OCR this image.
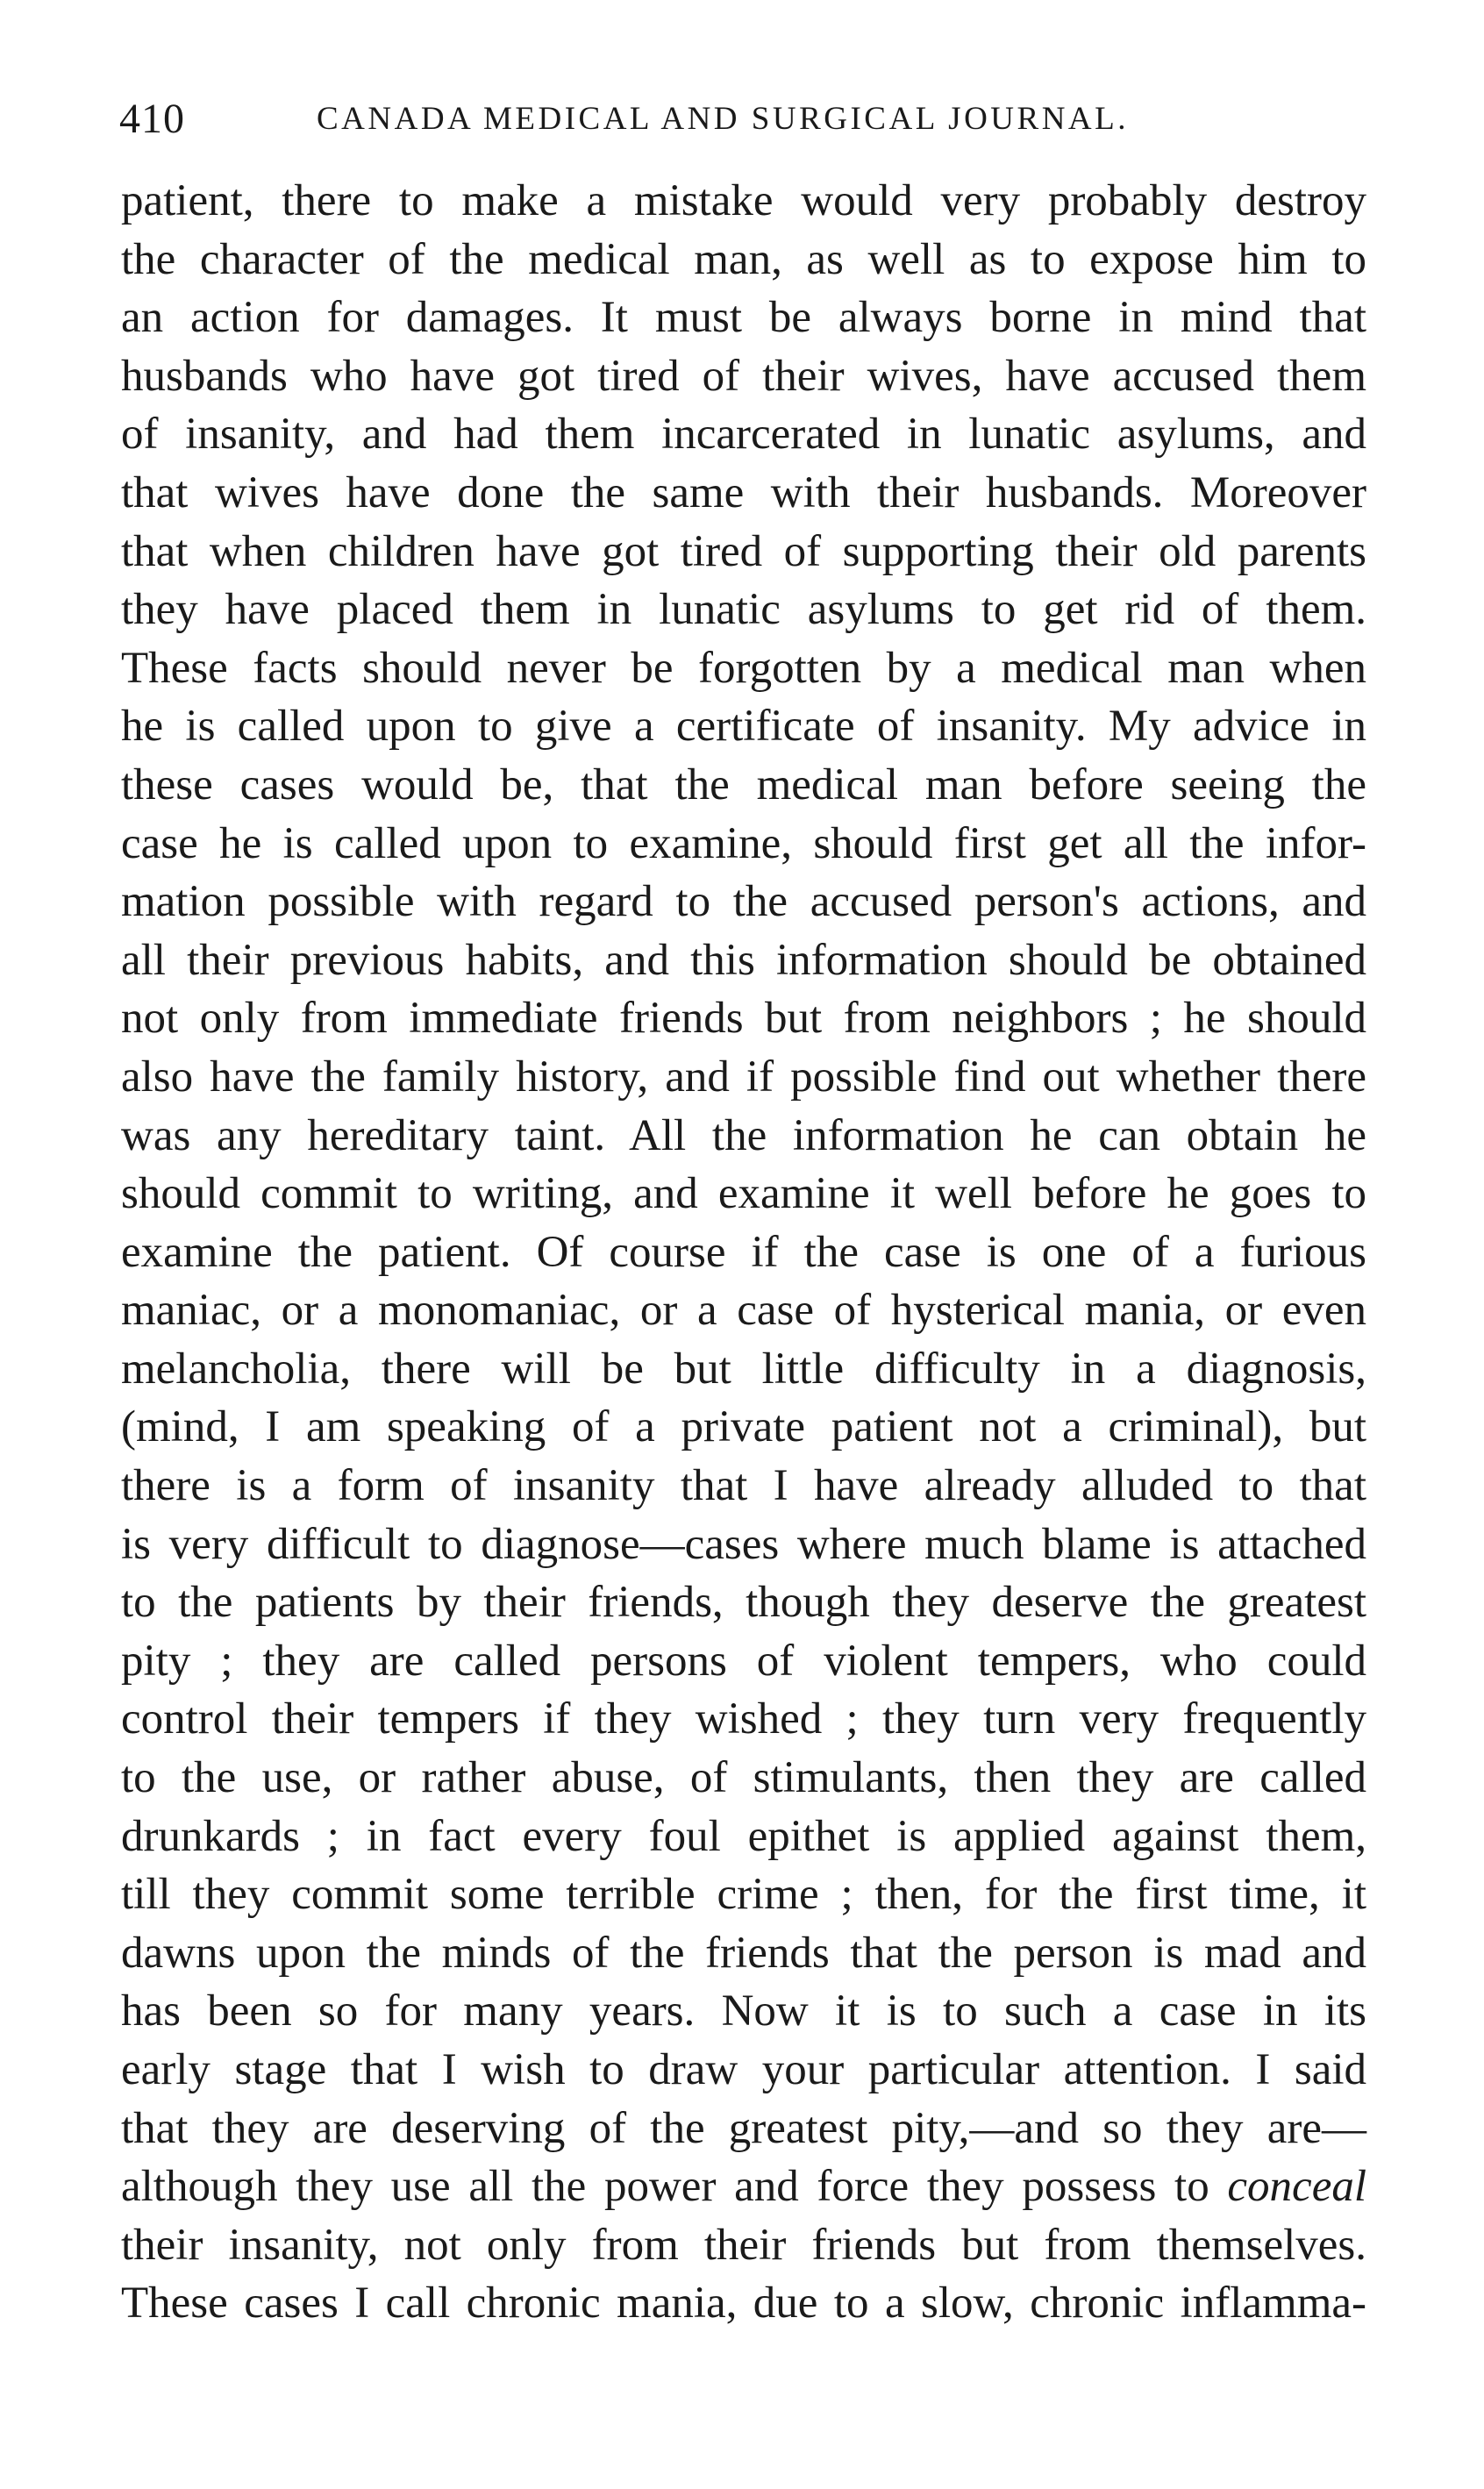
410	CANADA MEDICAL AND SURGICAL JOURNAL.
patient, there to make a mistake would very probably destroy
the character of the medical man, as well as to expose him to
an action for damages. It must be always borne in mind that
husbands who have got tired of their wives, have accused them
of insanity, and had them incarcerated in lunatic asylums, and
that wives have done the same with their husbands. Moreover
that when children have got tired of supporting their old parents
they have placed them in lunatic asylums to get rid of them.
These facts should never be forgotten by a medical man when
he is called upon to give a certificate of insanity. My advice in
these cases would be, that the medical man before seeing the
case he is called upon to examine, should first get all the infor-
mation possible with regard to the accused person's actions, and
all their previous habits, and this information should be obtained
not only from immediate friends but from neighbors ; he should
also have the family history, and if possible find out whether there
was any hereditary taint. All the information he can obtain he
should commit to writing, and examine it well before he goes to
examine the patient. Of course if the case is one of a furious
maniac, or a monomaniac, or a case of hysterical mania, or even
melancholia, there will be but little difficulty in a diagnosis,
(mind, I am speaking of a private patient not a criminal), but
there is a form of insanity that I have already alluded to that
is very difficult to diagnose—cases where much blame is attached
to the patients by their friends, though they deserve the greatest
pity ; they are called persons of violent tempers, who could
control their tempers if they wished ; they turn very frequently
to the use, or rather abuse, of stimulants, then they are called
drunkards ; in fact every foul epithet is applied against them,
till they commit some terrible crime ; then, for the first time, it
dawns upon the minds of the friends that the person is mad and
has been so for many years. Now it is to such a case in its
early stage that I wish to draw your particular attention. I said
that they are deserving of the greatest pity,—and so they are—
although they use all the power and force they possess to conceal
their insanity, not only from their friends but from themselves.
These cases I call chronic mania, due to a slow, chronic inflamma-
